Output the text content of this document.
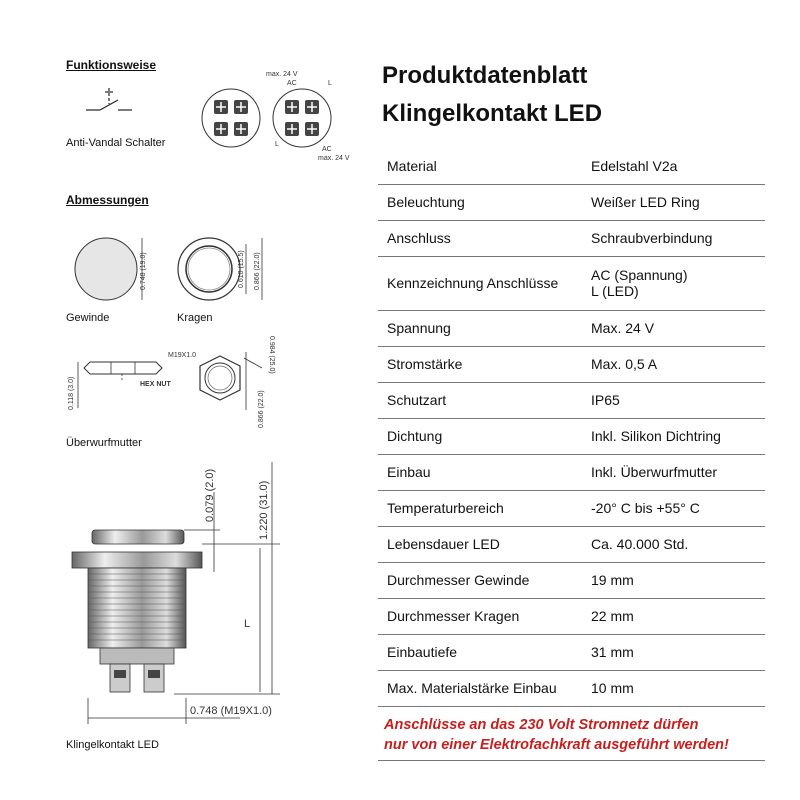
Funktionsweise
Anti-Vandal Schalter
max. 24 V
AC	L
L
AC
max. 24 V
Abmessungen
0.748 (19.0)
Gewinde
0.610 (15.5) 0.866 (22.0)
Kragen
0.118 (3.0)	HEX NUT
M19X1.0	0.984 (25.0)
0.866 (22.0)
Überwurfmutter
0.079 (2.0)	1.220 (31.0)
L
0.748 (M19X1.0)
Klingelkontakt LED
Produktdatenblatt
Klingelkontakt LED
Material	Edelstahl V2a
Beleuchtung	Weißer LED Ring
Anschluss	Schraubverbindung
Kennzeichnung Anschlüsse	AC (Spannung)
L (LED)

Spannung	Max. 24 V
Stromstärke	Max. 0,5 A
Schutzart	IP65
Dichtung	Inkl. Silikon Dichtring
Einbau	Inkl. Überwurfmutter
Temperaturbereich	-20° C bis +55° C
Lebensdauer LED	Ca. 40.000 Std.
Durchmesser Gewinde	19 mm
Durchmesser Kragen	22 mm
Einbautiefe	31 mm
Max. Materialstärke Einbau	10 mm
Anschlüsse an das 230 Volt Stromnetz dürfen
nur von einer Elektrofachkraft ausgeführt werden!
